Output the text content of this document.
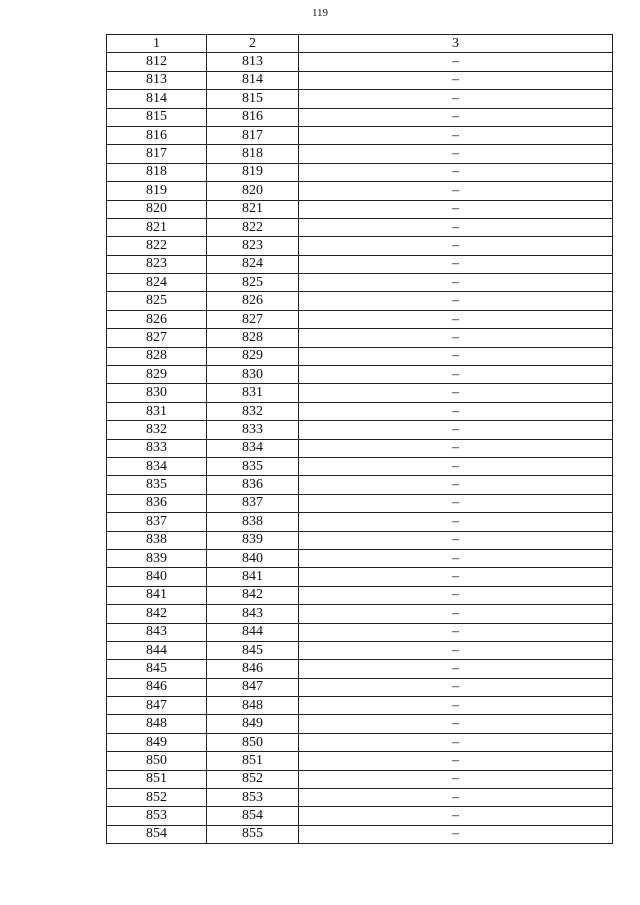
119
1	2	3
812	813	–
813	814	–
814	815	–
815	816	–
816	817	–
817	818	–
818	819	–
819	820	–
820	821	–
821	822	–
822	823	–
823	824	–
824	825	–
825	826	–
826	827	–
827	828	–
828	829	–
829	830	–
830	831	–
831	832	–
832	833	–
833	834	–
834	835	–
835	836	–
836	837	–
837	838	–
838	839	–
839	840	–
840	841	–
841	842	–
842	843	–
843	844	–
844	845	–
845	846	–
846	847	–
847	848	–
848	849	–
849	850	–
850	851	–
851	852	–
852	853	–
853	854	–
854	855	–
